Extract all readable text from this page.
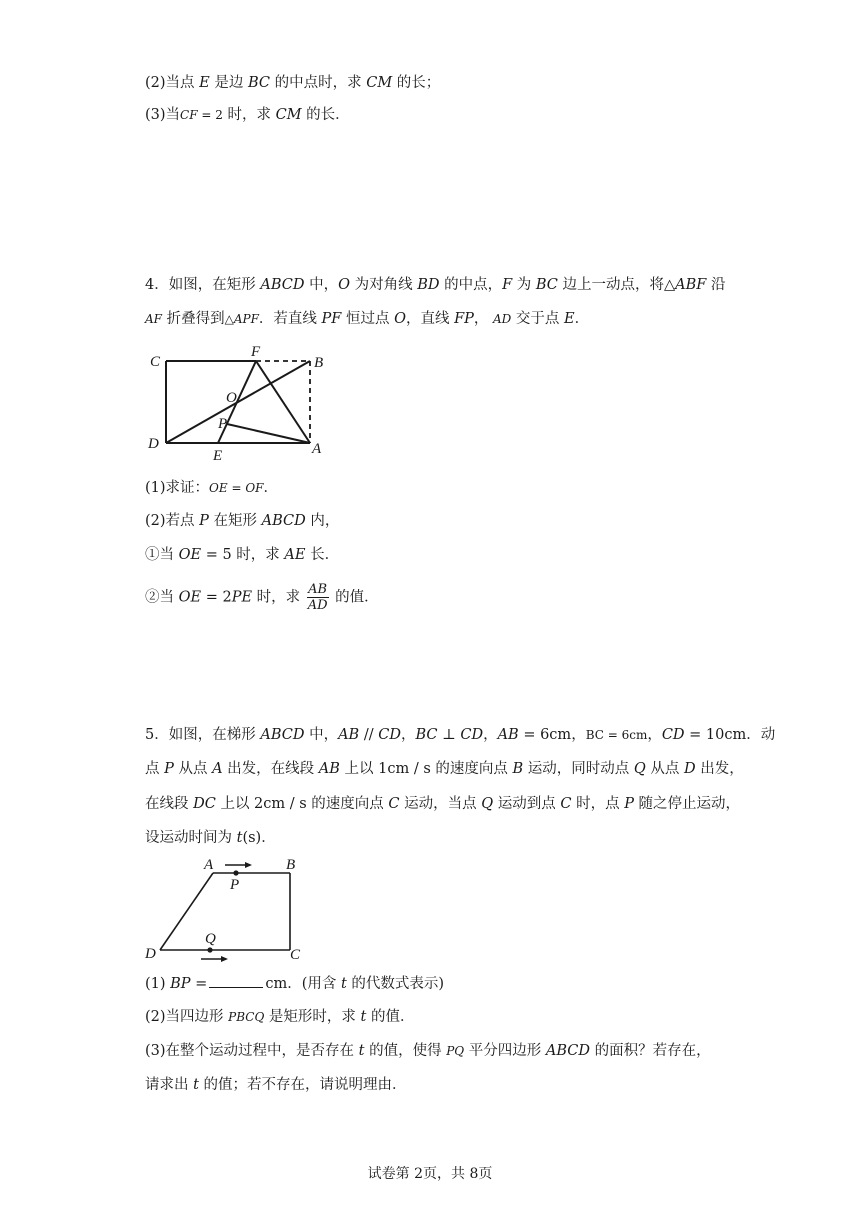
(2)当点 E 是边 BC 的中点时，求 CM 的长；
(3)当CF = 2 时，求 CM 的长．
4．如图，在矩形 ABCD 中，O 为对角线 BD 的中点，F 为 BC 边上一动点，将△ABF 沿
AF 折叠得到△APF．若直线 PF 恒过点 O，直线 FP， AD 交于点 E．
C
F
B
O
P
D
E	A
(1)求证：OE = OF．
(2)若点 P 在矩形 ABCD 内，
①当 OE = 5 时，求 AE 长．
②当 OE = 2PE 时，求 $\frac{AB}{AD}$ 的值．
5．如图，在梯形 ABCD 中，AB // CD，BC ⊥ CD，AB = 6cm，BC = 6cm，CD = 10cm．动
点 P 从点 A 出发，在线段 AB 上以 1cm / s 的速度向点 B 运动，同时动点 Q 从点 D 出发，
在线段 DC 上以 2cm / s 的速度向点 C 运动，当点 Q 运动到点 C 时，点 P 随之停止运动，
设运动时间为 t(s)．
A	B
P
Q
D	C
(1) BP =	cm．(用含 t 的代数式表示)
(2)当四边形 PBCQ 是矩形时，求 t 的值．
(3)在整个运动过程中，是否存在 t 的值，使得 PQ 平分四边形 ABCD 的面积？若存在，
请求出 t 的值；若不存在，请说明理由．
试卷第 2页，共 8页
